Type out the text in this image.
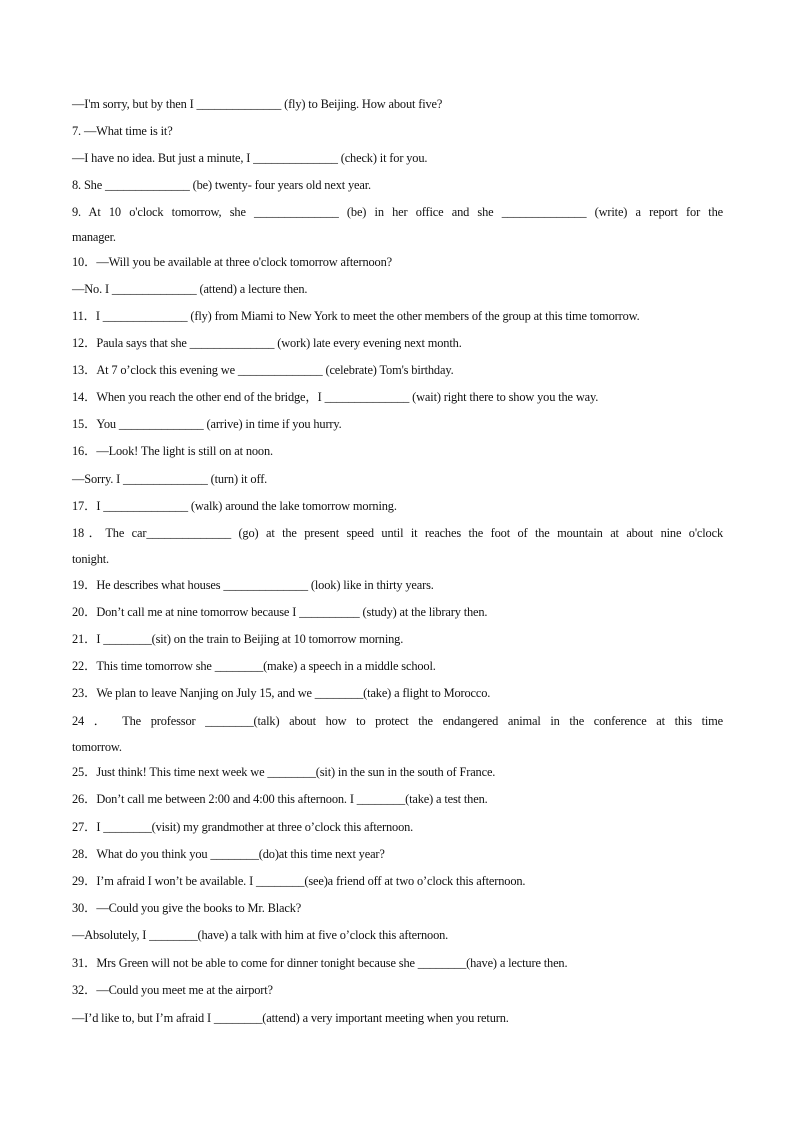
—I'm sorry, but by then I ______________ (fly) to Beijing. How about five?
7. —What time is it?
—I have no idea. But just a minute, I ______________ (check) it for you.
8. She ______________ (be) twenty- four years old next year.
9. At 10 o'clock tomorrow, she ______________ (be) in her office and she ______________ (write) a report for the
manager.
10．—Will you be available at three o'clock tomorrow afternoon?
—No. I ______________ (attend) a lecture then.
11．I ______________ (fly) from Miami to New York to meet the other members of the group at this time tomorrow.
12．Paula says that she ______________ (work) late every evening next month.
13．At 7 o’clock this evening we ______________ (celebrate) Tom's birthday.
14．When you reach the other end of the bridge，I ______________ (wait) right there to show you the way.
15．You ______________ (arrive) in time if you hurry.
16．—Look! The light is still on at noon.
—Sorry. I ______________ (turn) it off.
17．I ______________ (walk) around the lake tomorrow morning.
18．The car______________ (go) at the present speed until it reaches the foot of the mountain at about nine o'clock
tonight.
19．He describes what houses ______________ (look) like in thirty years.
20．Don’t call me at nine tomorrow because I __________ (study) at the library then.
21．I ________(sit) on the train to Beijing at 10 tomorrow morning.
22．This time tomorrow she ________(make) a speech in a middle school.
23．We plan to leave Nanjing on July 15, and we ________(take) a flight to Morocco.
24 ． The professor ________(talk) about how to protect the endangered animal in the conference at this time
tomorrow.
25．Just think! This time next week we ________(sit) in the sun in the south of France.
26．Don’t call me between 2:00 and 4:00 this afternoon. I ________(take) a test then.
27．I ________(visit) my grandmother at three o’clock this afternoon.
28．What do you think you ________(do)at this time next year?
29．I’m afraid I won’t be available. I ________(see)a friend off at two o’clock this afternoon.
30．—Could you give the books to Mr. Black?
—Absolutely, I ________(have) a talk with him at five o’clock this afternoon.
31．Mrs Green will not be able to come for dinner tonight because she ________(have) a lecture then.
32．—Could you meet me at the airport?
—I’d like to, but I’m afraid I ________(attend) a very important meeting when you return.
